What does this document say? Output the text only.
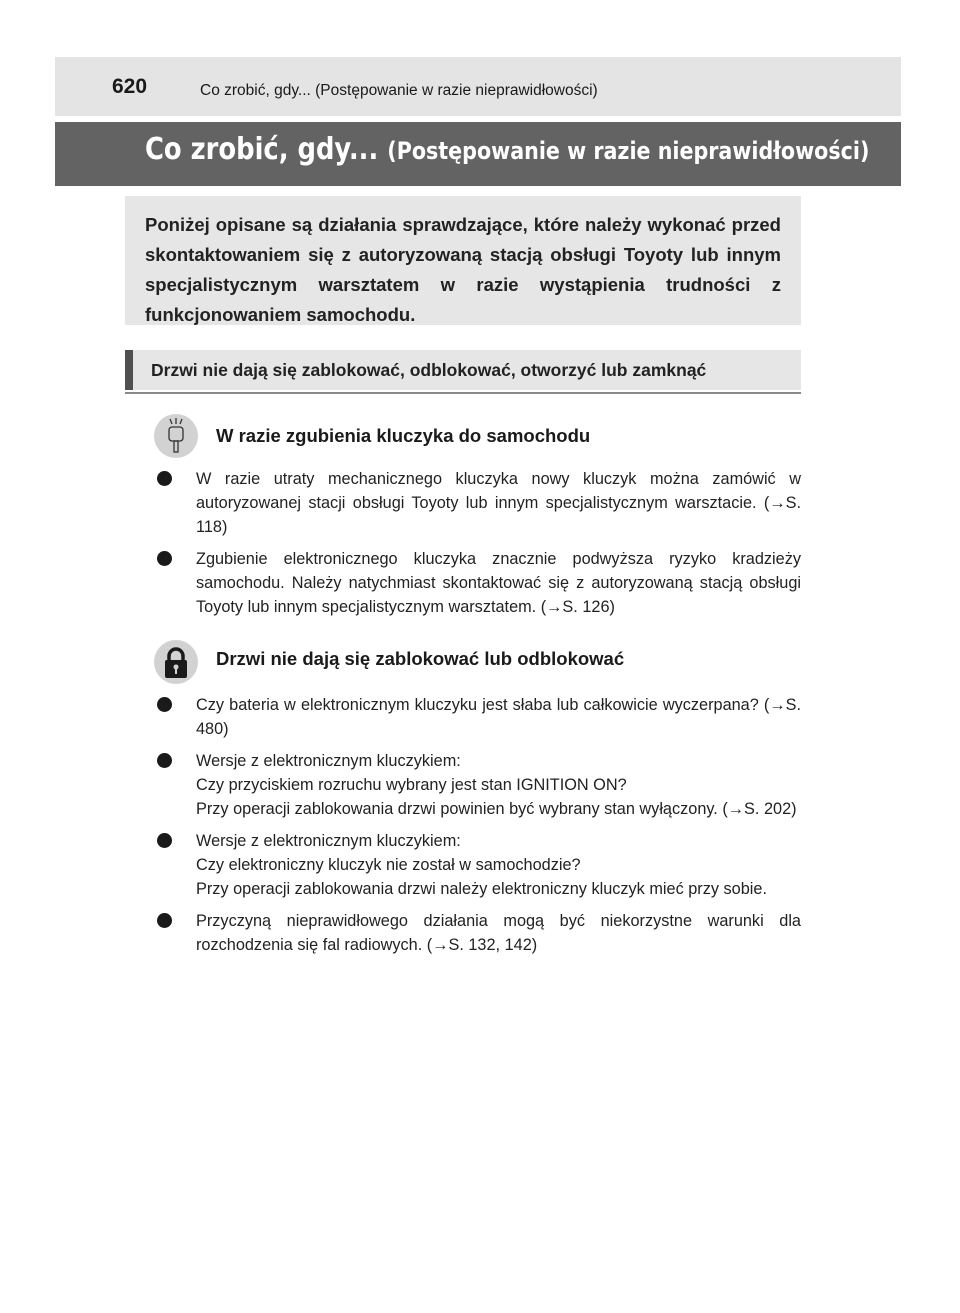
620	Co zrobić, gdy... (Postępowanie w razie nieprawidłowości)
Co zrobić, gdy... (Postępowanie w razie nieprawidłowości)
Poniżej opisane są działania sprawdzające, które należy wykonać przed skontaktowaniem się z autoryzowaną stacją obsługi Toyoty lub innym specjalistycznym warsztatem w razie wystąpienia trudności z funkcjonowaniem samochodu.
Drzwi nie dają się zablokować, odblokować, otworzyć lub zamknąć
W razie zgubienia kluczyka do samochodu

W razie utraty mechanicznego kluczyka nowy kluczyk można zamówić w autoryzowanej stacji obsługi Toyoty lub innym specjalistycznym warsztacie. (→S. 118)

Zgubienie elektronicznego kluczyka znacznie podwyższa ryzyko kradzieży samochodu. Należy natychmiast skontaktować się z autoryzowaną stacją obsługi Toyoty lub innym specjalistycznym warsztatem. (→S. 126)

Drzwi nie dają się zablokować lub odblokować

Czy bateria w elektronicznym kluczyku jest słaba lub całkowicie wyczerpana? (→S. 480)

Wersje z elektronicznym kluczykiem:

Czy przyciskiem rozruchu wybrany jest stan IGNITION ON?

Przy operacji zablokowania drzwi powinien być wybrany stan wyłączony. (→S. 202)

Wersje z elektronicznym kluczykiem:

Czy elektroniczny kluczyk nie został w samochodzie?

Przy operacji zablokowania drzwi należy elektroniczny kluczyk mieć przy sobie.

Przyczyną nieprawidłowego działania mogą być niekorzystne warunki dla rozchodzenia się fal radiowych. (→S. 132, 142)
